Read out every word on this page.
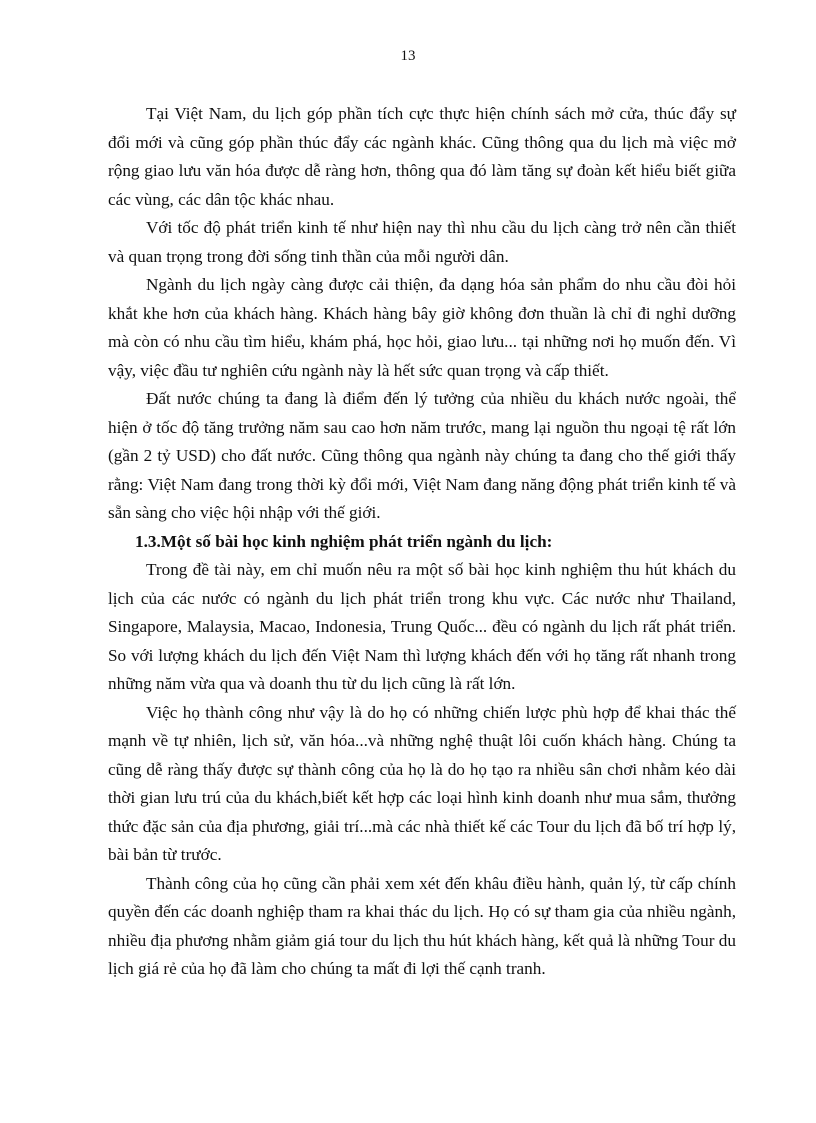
13

Tại Việt Nam, du lịch góp phần tích cực thực hiện chính sách mở cửa, thúc đẩy sự đổi mới và cũng góp phần thúc đẩy các ngành khác. Cũng thông qua du lịch mà việc mở rộng giao lưu văn hóa được dễ ràng hơn, thông qua đó làm tăng sự đoàn kết hiểu biết giữa các vùng, các dân tộc khác nhau.

Với tốc độ phát triển kinh tế như hiện nay thì nhu cầu du lịch càng trở nên cần thiết và quan trọng trong đời sống tinh thần của mỗi người dân.

Ngành du lịch ngày càng được cải thiện, đa dạng hóa sản phẩm do nhu cầu đòi hỏi khắt khe hơn của khách hàng. Khách hàng bây giờ không đơn thuần là chỉ đi nghỉ dưỡng mà còn có nhu cầu tìm hiểu, khám phá, học hỏi, giao lưu... tại những nơi họ muốn đến. Vì vậy, việc đầu tư nghiên cứu ngành này là hết sức quan trọng và cấp thiết.

Đất nước chúng ta đang là điểm đến lý tưởng của nhiều du khách nước ngoài, thể hiện ở tốc độ tăng trưởng năm sau cao hơn năm trước, mang lại nguồn thu ngoại tệ rất lớn (gần 2 tỷ USD) cho đất nước. Cũng thông qua ngành này chúng ta đang cho thế giới thấy rằng: Việt Nam đang trong thời kỳ đổi mới, Việt Nam đang năng động phát triển kinh tế và sẵn sàng cho việc hội nhập với thế giới.

1.3.Một số bài học kinh nghiệm phát triển ngành du lịch:

Trong đề tài này, em chỉ muốn nêu ra một số bài học kinh nghiệm thu hút khách du lịch của các nước có ngành du lịch phát triển trong khu vực. Các nước như Thailand, Singapore, Malaysia, Macao, Indonesia, Trung Quốc... đều có ngành du lịch rất phát triển. So với lượng khách du lịch đến Việt Nam thì lượng khách đến với họ tăng rất nhanh trong những năm vừa qua và doanh thu từ du lịch cũng là rất lớn.

Việc họ thành công như vậy là do họ có những chiến lược phù hợp để khai thác thế mạnh về tự nhiên, lịch sử, văn hóa...và những nghệ thuật lôi cuốn khách hàng. Chúng ta cũng dễ ràng thấy được sự thành công của họ là do họ tạo ra nhiều sân chơi nhằm kéo dài thời gian lưu trú của du khách,biết kết hợp các loại hình kinh doanh như mua sắm, thưởng thức đặc sản của địa phương, giải trí...mà các nhà thiết kế các Tour du lịch đã bố trí hợp lý, bài bản từ trước.

Thành công của họ cũng cần phải xem xét đến khâu điều hành, quản lý, từ cấp chính quyền đến các doanh nghiệp tham ra khai thác du lịch. Họ có sự tham gia của nhiều ngành, nhiều địa phương nhằm giảm giá tour du lịch thu hút khách hàng, kết quả là những Tour du lịch giá rẻ của họ đã làm cho chúng ta mất đi lợi thế cạnh tranh.
